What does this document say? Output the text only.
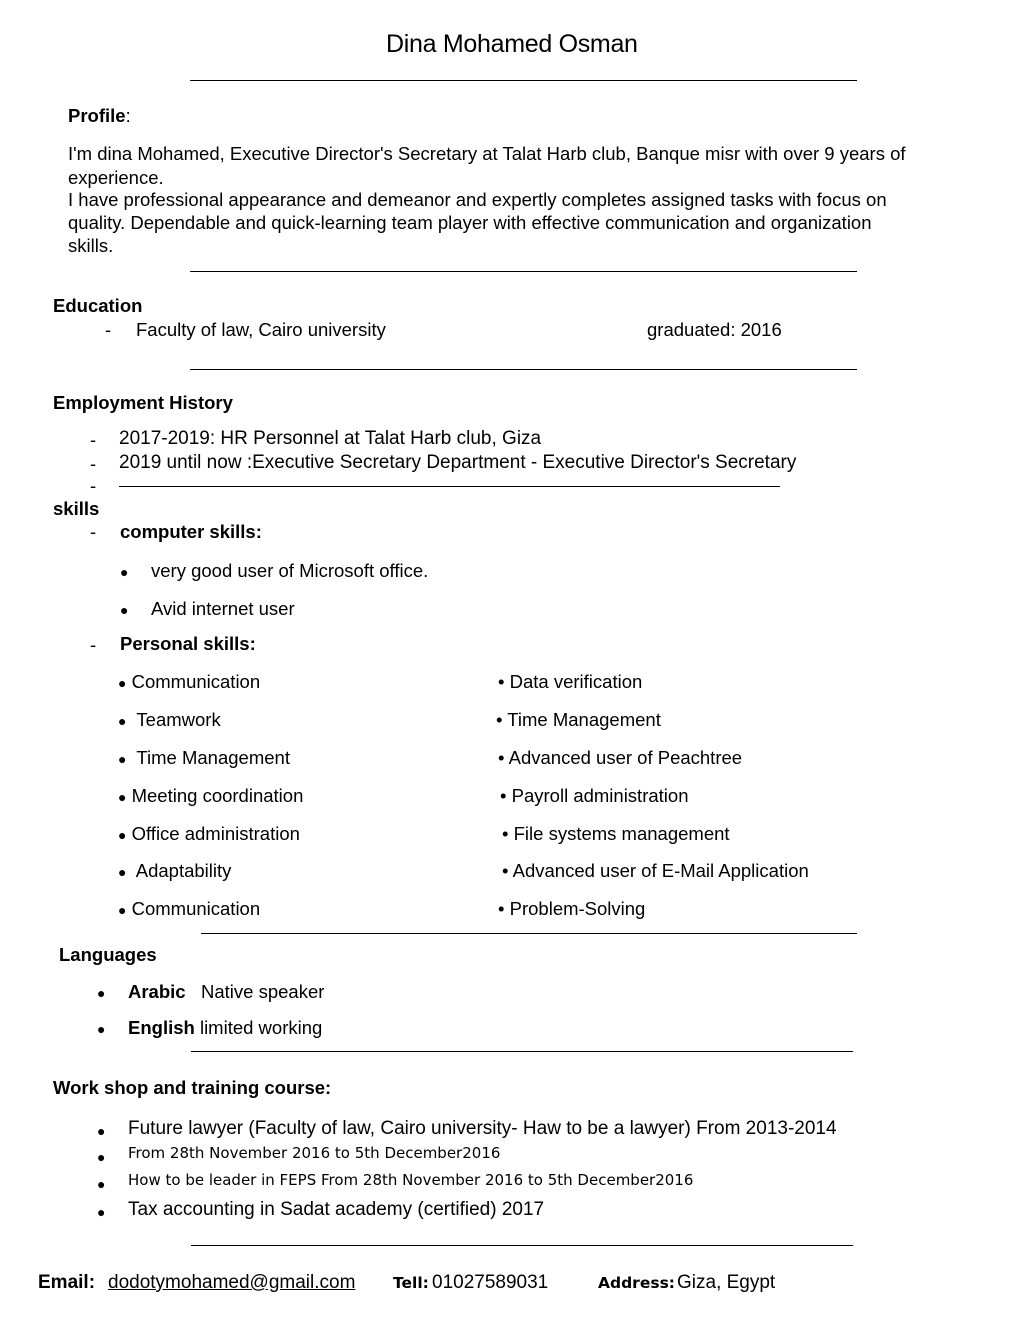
Dina Mohamed Osman
Profile:
I'm dina Mohamed, Executive Director's Secretary at Talat Harb club, Banque misr with over 9 years of
experience.
I have professional appearance and demeanor and expertly completes assigned tasks with focus on
quality. Dependable and quick-learning team player with effective communication and organization
skills.
Education
- Faculty of law, Cairo university	graduated: 2016
Employment History
- 2017-2019: HR Personnel at Talat Harb club, Giza
- 2019 until now :Executive Secretary Department - Executive Director's Secretary
-
skills
- computer skills:
● very good user of Microsoft office.
● Avid internet user
- Personal skills:
● Communication
● Teamwork
● Time Management
● Meeting coordination
● Office administration
● Adaptability
● Communication
• Data verification
• Time Management
• Advanced user of Peachtree
• Payroll administration
• File systems management
• Advanced user of E-Mail Application
• Problem-Solving
Languages
● Arabic Native speaker
● English limited working
Work shop and training course:
● Future lawyer (Faculty of law, Cairo university- Haw to be a lawyer) From 2013-2014
● From 28th November 2016 to 5th December2016
● How to be leader in FEPS From 28th November 2016 to 5th December2016
● Tax accounting in Sadat academy (certified) 2017
Email: dodotymohamed@gmail.com Tell: 01027589031	Address: Giza, Egypt
